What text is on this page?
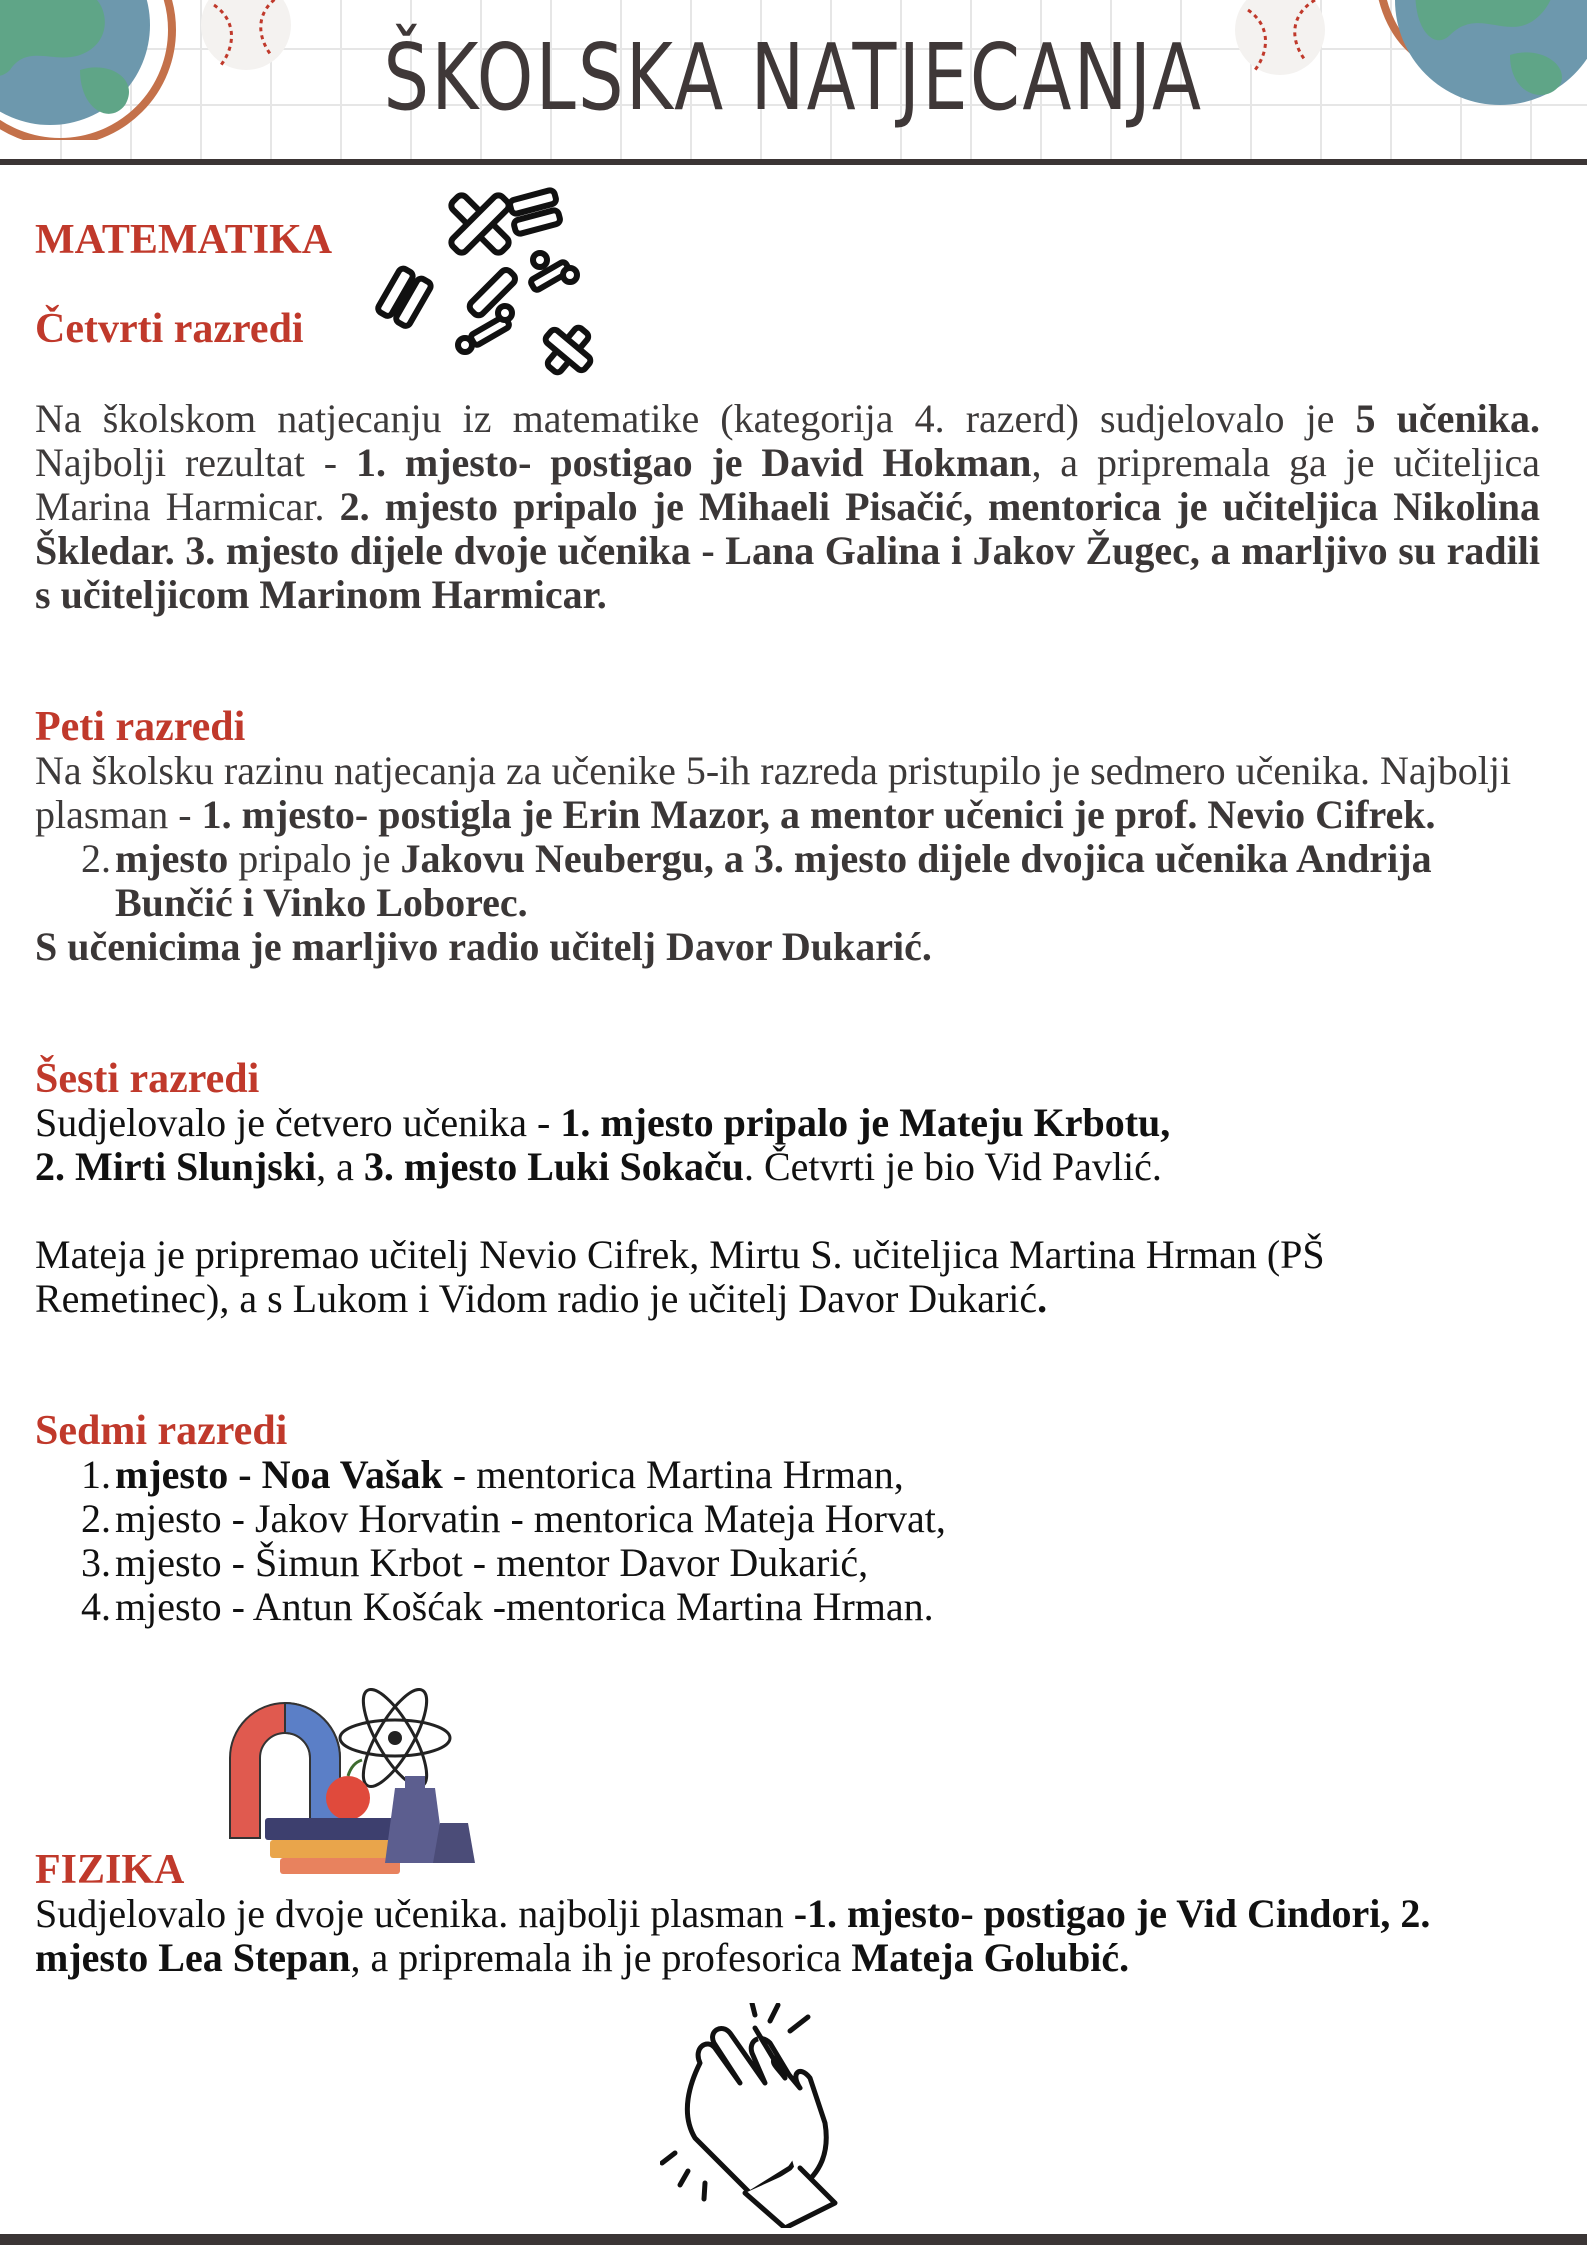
ŠKOLSKA NATJECANJA
MATEMATIKA
Četvrti razredi

Na školskom natjecanju iz matematike (kategorija 4. razerd) sudjelovalo je 5 učenika. Najbolji rezultat - 1. mjesto- postigao je David Hokman, a pripremala ga je učiteljica Marina Harmicar. 2. mjesto pripalo je Mihaeli Pisačić, mentorica je učiteljica Nikolina Škledar. 3. mjesto dijele dvoje učenika - Lana Galina i Jakov Žugec, a marljivo su radili s učiteljicom Marinom Harmicar.

Peti razredi

Na školsku razinu natjecanja za učenike 5-ih razreda pristupilo je sedmero učenika. Najbolji plasman - 1. mjesto- postigla je Erin Mazor, a mentor učenici je prof. Nevio Cifrek.

2. mjesto pripalo je Jakovu Neubergu, a 3. mjesto dijele dvojica učenika Andrija Bunčić i Vinko Loborec.

S učenicima je marljivo radio učitelj Davor Dukarić.

Šesti razredi

Sudjelovalo je četvero učenika - 1. mjesto pripalo je Mateju Krbotu,
2. Mirti Slunjski, a 3. mjesto Luki Sokaču. Četvrti je bio Vid Pavlić.

Mateja je pripremao učitelj Nevio Cifrek, Mirtu S. učiteljica Martina Hrman (PŠ Remetinec), a s Lukom i Vidom radio je učitelj Davor Dukarić.

Sedmi razredi
1. mjesto - Noa Vašak - mentorica Martina Hrman,

2. mjesto - Jakov Horvatin - mentorica Mateja Horvat,

3. mjesto - Šimun Krbot - mentor Davor Dukarić,

4. mjesto - Antun Košćak -mentorica Martina Hrman.

FIZIKA

Sudjelovalo je dvoje učenika. najbolji plasman -1. mjesto- postigao je Vid Cindori, 2. mjesto Lea Stepan, a pripremala ih je profesorica Mateja Golubić.
